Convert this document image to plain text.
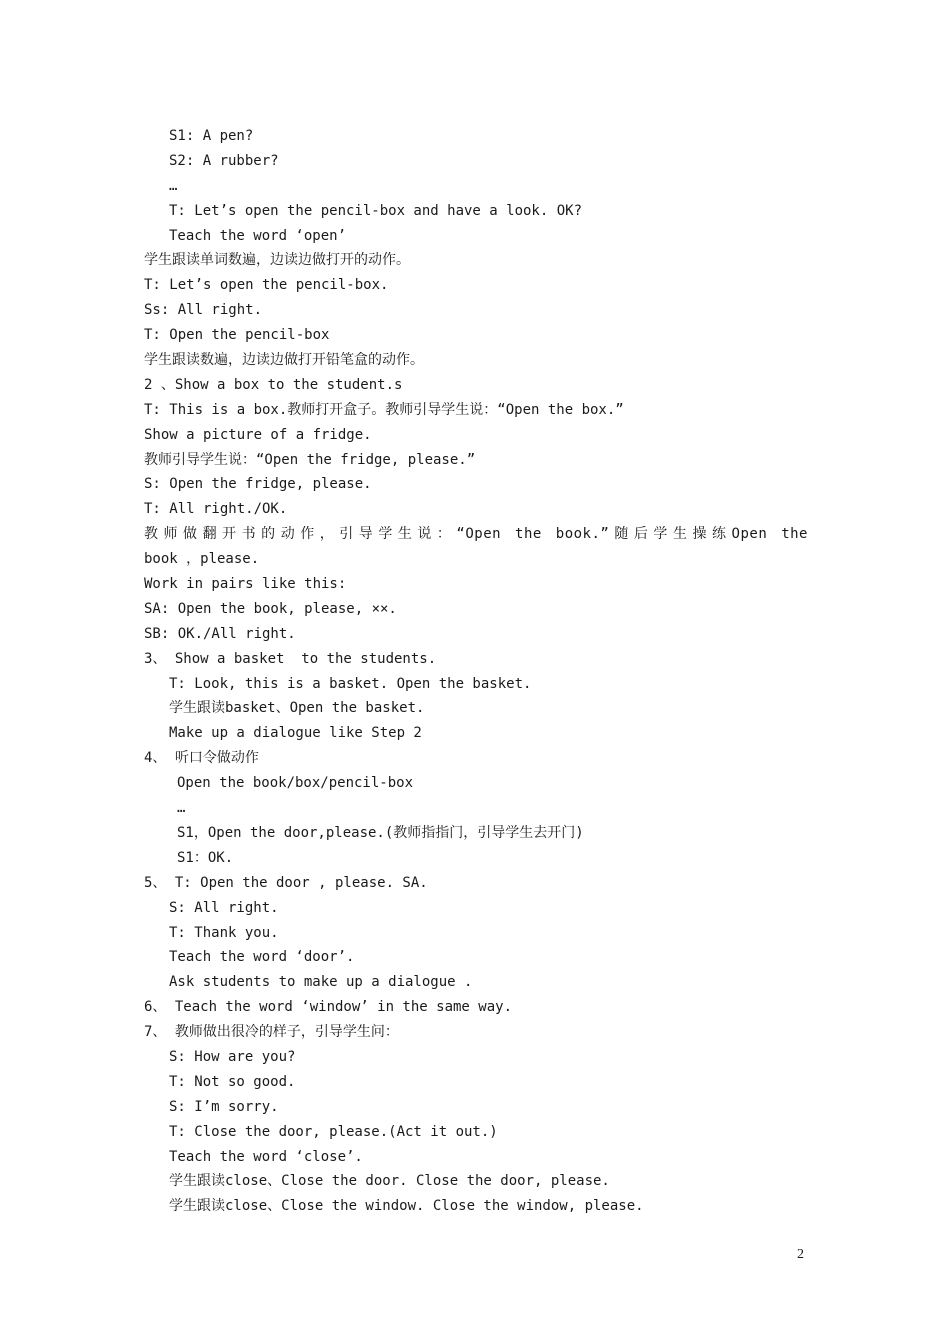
S1: A pen?
S2: A rubber?
…
T: Let’s open the pencil-box and have a look. OK?
Teach the word ‘open’
学生跟读单词数遍，边读边做打开的动作。
T: Let’s open the pencil-box.
Ss: All right.
T: Open the pencil-box
学生跟读数遍，边读边做打开铅笔盒的动作。
2 、Show a box to the student.s
T: This is a box.教师打开盒子。教师引导学生说：“Open the box.”
Show a picture of a fridge.
教师引导学生说：“Open the fridge, please.”
S: Open the fridge, please.
T: All right./OK.
教师做翻开书的动作，引导学生说：“Open the book.”随后学生操练Open the
book ，please.
Work in pairs like this:
SA: Open the book, please, ××.
SB: OK./All right.
3、 Show a basket  to the students.
T: Look, this is a basket. Open the basket.
学生跟读basket、Open the basket.
Make up a dialogue like Step 2
4、 听口令做动作
Open the book/box/pencil-box
…
S1，Open the door,please.(教师指指门，引导学生去开门)
S1：OK.
5、 T: Open the door , please. SA.
S: All right.
T: Thank you.
Teach the word ‘door’.
Ask students to make up a dialogue .
6、 Teach the word ‘window’ in the same way.
7、 教师做出很冷的样子，引导学生问：
S: How are you?
T: Not so good.
S: I’m sorry.
T: Close the door, please.(Act it out.)
Teach the word ‘close’.
学生跟读close、Close the door. Close the door, please.
学生跟读close、Close the window. Close the window, please.
2
